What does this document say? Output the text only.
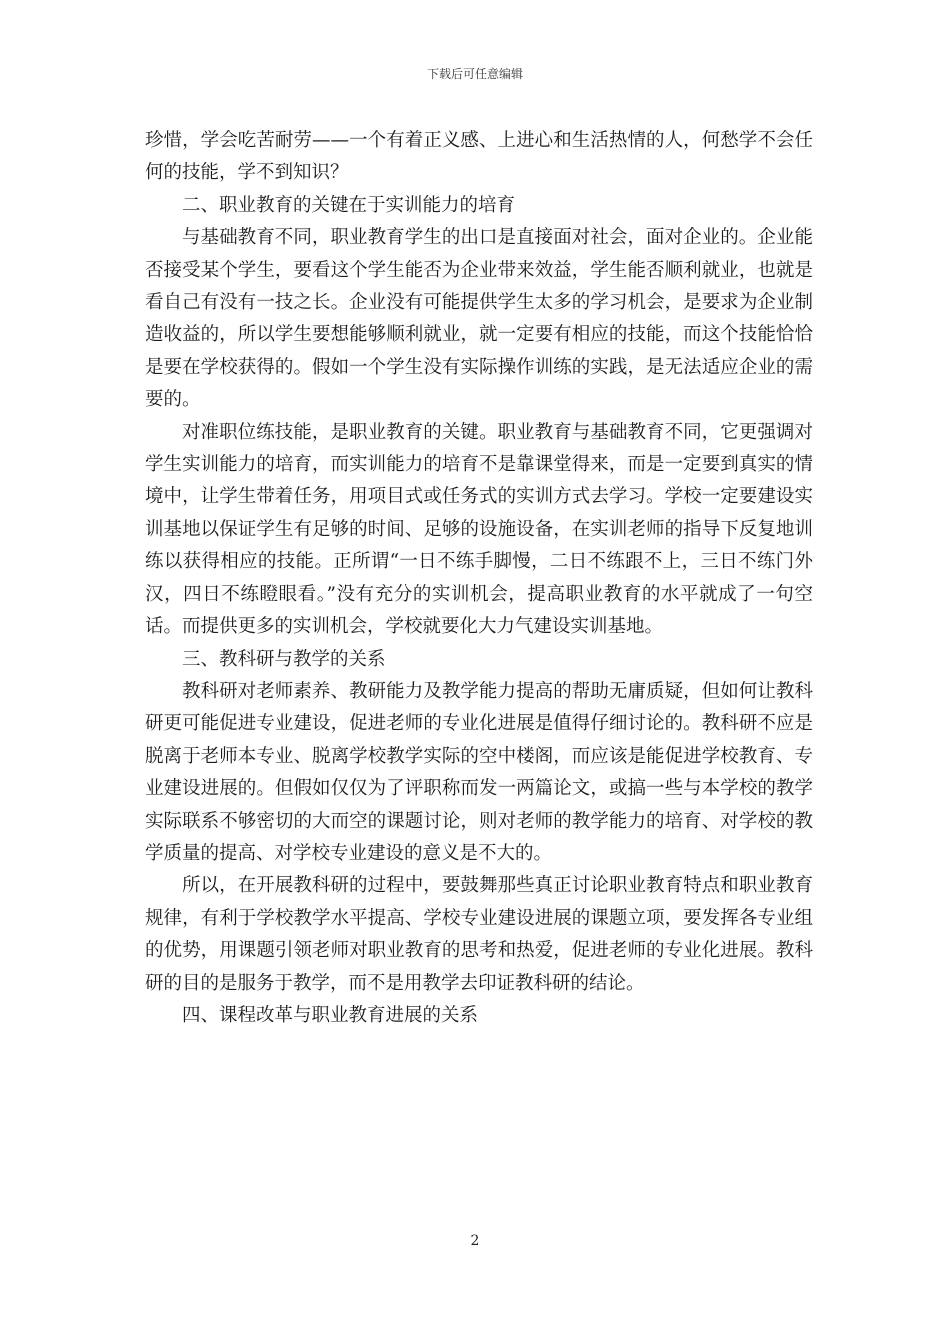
下载后可任意编辑

珍惜，学会吃苦耐劳——一个有着正义感、上进心和生活热情的人，何愁学不会任何的技能，学不到知识？

二、职业教育的关键在于实训能力的培育

与基础教育不同，职业教育学生的出口是直接面对社会，面对企业的。企业能否接受某个学生，要看这个学生能否为企业带来效益，学生能否顺利就业，也就是看自己有没有一技之长。企业没有可能提供学生太多的学习机会，是要求为企业制造收益的，所以学生要想能够顺利就业，就一定要有相应的技能，而这个技能恰恰是要在学校获得的。假如一个学生没有实际操作训练的实践，是无法适应企业的需要的。

对准职位练技能，是职业教育的关键。职业教育与基础教育不同，它更强调对学生实训能力的培育，而实训能力的培育不是靠课堂得来，而是一定要到真实的情境中，让学生带着任务，用项目式或任务式的实训方式去学习。学校一定要建设实训基地以保证学生有足够的时间、足够的设施设备，在实训老师的指导下反复地训练以获得相应的技能。正所谓“一日不练手脚慢，二日不练跟不上，三日不练门外汉，四日不练瞪眼看。”没有充分的实训机会，提高职业教育的水平就成了一句空话。而提供更多的实训机会，学校就要化大力气建设实训基地。

三、教科研与教学的关系

教科研对老师素养、教研能力及教学能力提高的帮助无庸质疑，但如何让教科研更可能促进专业建设，促进老师的专业化进展是值得仔细讨论的。教科研不应是脱离于老师本专业、脱离学校教学实际的空中楼阁，而应该是能促进学校教育、专业建设进展的。但假如仅仅为了评职称而发一两篇论文，或搞一些与本学校的教学实际联系不够密切的大而空的课题讨论，则对老师的教学能力的培育、对学校的教学质量的提高、对学校专业建设的意义是不大的。

所以，在开展教科研的过程中，要鼓舞那些真正讨论职业教育特点和职业教育规律，有利于学校教学水平提高、学校专业建设进展的课题立项，要发挥各专业组的优势，用课题引领老师对职业教育的思考和热爱，促进老师的专业化进展。教科研的目的是服务于教学，而不是用教学去印证教科研的结论。

四、课程改革与职业教育进展的关系

2
